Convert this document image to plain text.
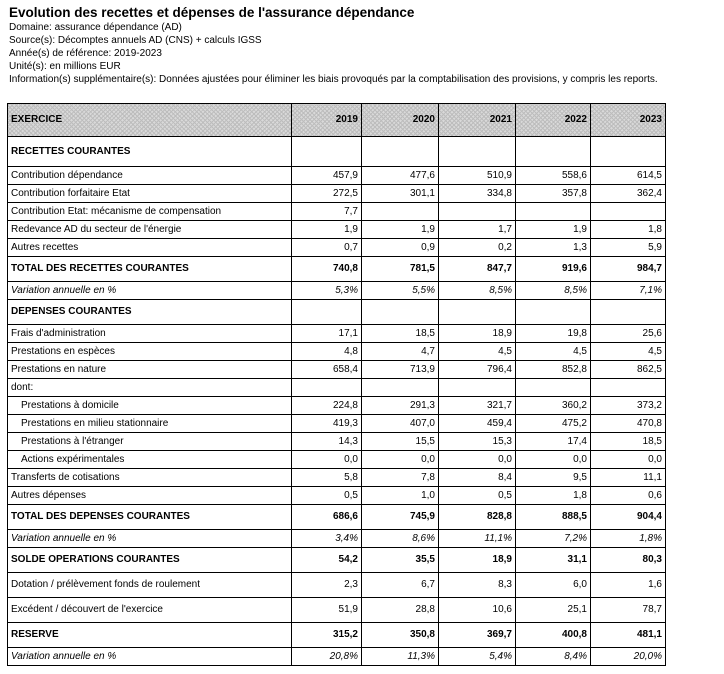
Evolution des recettes et dépenses de l'assurance dépendance
Domaine: assurance dépendance (AD)
Source(s): Décomptes annuels AD (CNS) + calculs IGSS
Année(s) de référence: 2019-2023
Unité(s): en millions EUR
Information(s) supplémentaire(s): Données ajustées pour éliminer les biais provoqués par la comptabilisation des provisions, y compris les reports.
EXERCICE	2019	2020	2021	2022	2023
RECETTES COURANTES					
Contribution dépendance	457,9	477,6	510,9	558,6	614,5
Contribution forfaitaire Etat	272,5	301,1	334,8	357,8	362,4
Contribution Etat: mécanisme de compensation	7,7				
Redevance AD du secteur de l'énergie	1,9	1,9	1,7	1,9	1,8
Autres recettes	0,7	0,9	0,2	1,3	5,9
TOTAL DES RECETTES COURANTES	740,8	781,5	847,7	919,6	984,7
Variation annuelle en %	5,3%	5,5%	8,5%	8,5%	7,1%
DEPENSES COURANTES					
Frais d'administration	17,1	18,5	18,9	19,8	25,6
Prestations en espèces	4,8	4,7	4,5	4,5	4,5
Prestations en nature	658,4	713,9	796,4	852,8	862,5
dont:					
Prestations à domicile	224,8	291,3	321,7	360,2	373,2
Prestations en milieu stationnaire	419,3	407,0	459,4	475,2	470,8
Prestations à l'étranger	14,3	15,5	15,3	17,4	18,5
Actions expérimentales	0,0	0,0	0,0	0,0	0,0
Transferts de cotisations	5,8	7,8	8,4	9,5	11,1
Autres dépenses	0,5	1,0	0,5	1,8	0,6
TOTAL DES DEPENSES COURANTES	686,6	745,9	828,8	888,5	904,4
Variation annuelle en %	3,4%	8,6%	11,1%	7,2%	1,8%
SOLDE OPERATIONS COURANTES	54,2	35,5	18,9	31,1	80,3
Dotation / prélèvement fonds de roulement	2,3	6,7	8,3	6,0	1,6
Excédent / découvert de l'exercice	51,9	28,8	10,6	25,1	78,7
RESERVE	315,2	350,8	369,7	400,8	481,1
Variation annuelle en %	20,8%	11,3%	5,4%	8,4%	20,0%
